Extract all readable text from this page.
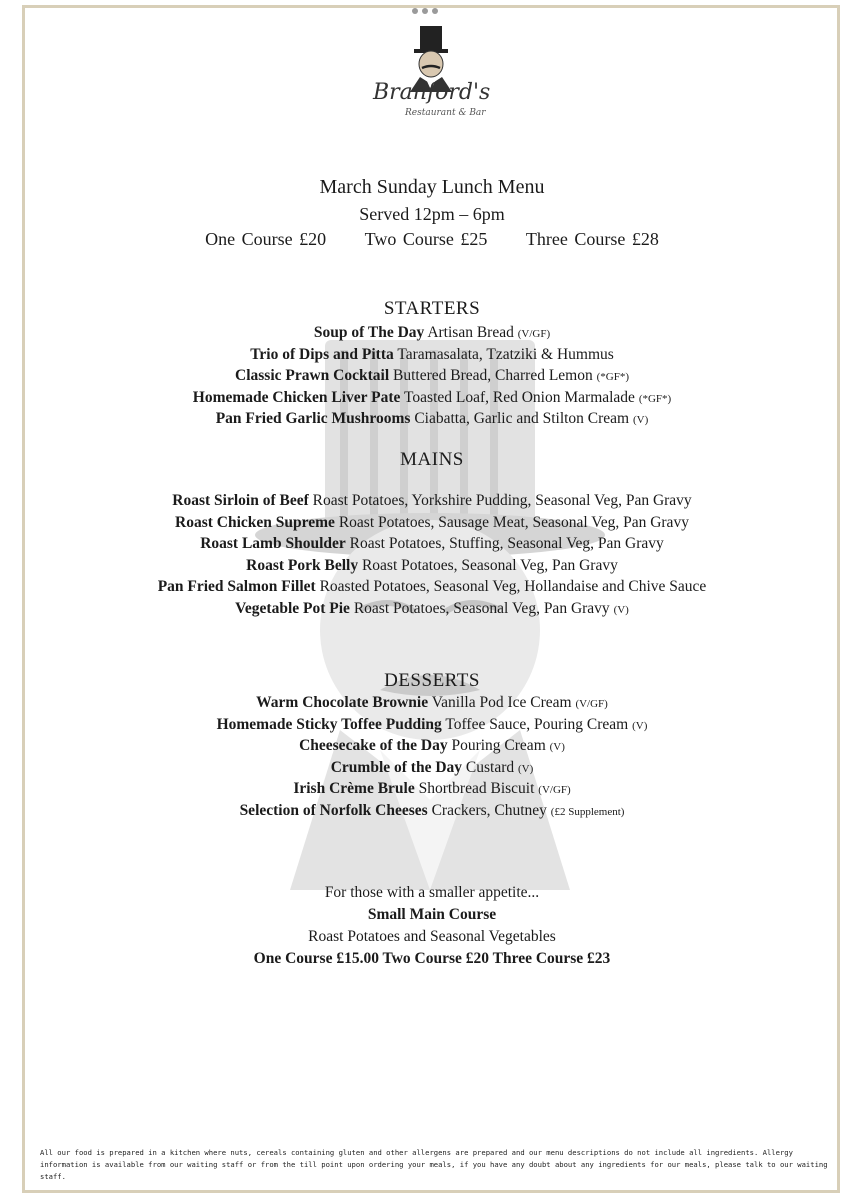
Branford's
Restaurant & Bar
March Sunday Lunch Menu
Served 12pm – 6pm
One Course £20 Two Course £25 Three Course £28
STARTERS
Soup of The Day Artisan Bread (V/GF)
Trio of Dips and Pitta Taramasalata, Tzatziki & Hummus
Classic Prawn Cocktail Buttered Bread, Charred Lemon (*GF*)
Homemade Chicken Liver Pate Toasted Loaf, Red Onion Marmalade (*GF*)
Pan Fried Garlic Mushrooms Ciabatta, Garlic and Stilton Cream (V)
MAINS
Roast Sirloin of Beef Roast Potatoes, Yorkshire Pudding, Seasonal Veg, Pan Gravy
Roast Chicken Supreme Roast Potatoes, Sausage Meat, Seasonal Veg, Pan Gravy
Roast Lamb Shoulder Roast Potatoes, Stuffing, Seasonal Veg, Pan Gravy
Roast Pork Belly Roast Potatoes, Seasonal Veg, Pan Gravy
Pan Fried Salmon Fillet Roasted Potatoes, Seasonal Veg, Hollandaise and Chive Sauce
Vegetable Pot Pie Roast Potatoes, Seasonal Veg, Pan Gravy (V)
DESSERTS
Warm Chocolate Brownie Vanilla Pod Ice Cream (V/GF)
Homemade Sticky Toffee Pudding Toffee Sauce, Pouring Cream (V)
Cheesecake of the Day Pouring Cream (V)
Crumble of the Day Custard (V)
Irish Crème Brule Shortbread Biscuit (V/GF)
Selection of Norfolk Cheeses Crackers, Chutney (£2 Supplement)
For those with a smaller appetite...
Small Main Course
Roast Potatoes and Seasonal Vegetables
One Course £15.00 Two Course £20 Three Course £23
All our food is prepared in a kitchen where nuts, cereals containing gluten and other allergens are prepared and our menu descriptions do not include all ingredients. Allergy information is available from our waiting staff or from the till point upon ordering your meals, if you have any doubt about any ingredients for our meals, please talk to our waiting staff.
